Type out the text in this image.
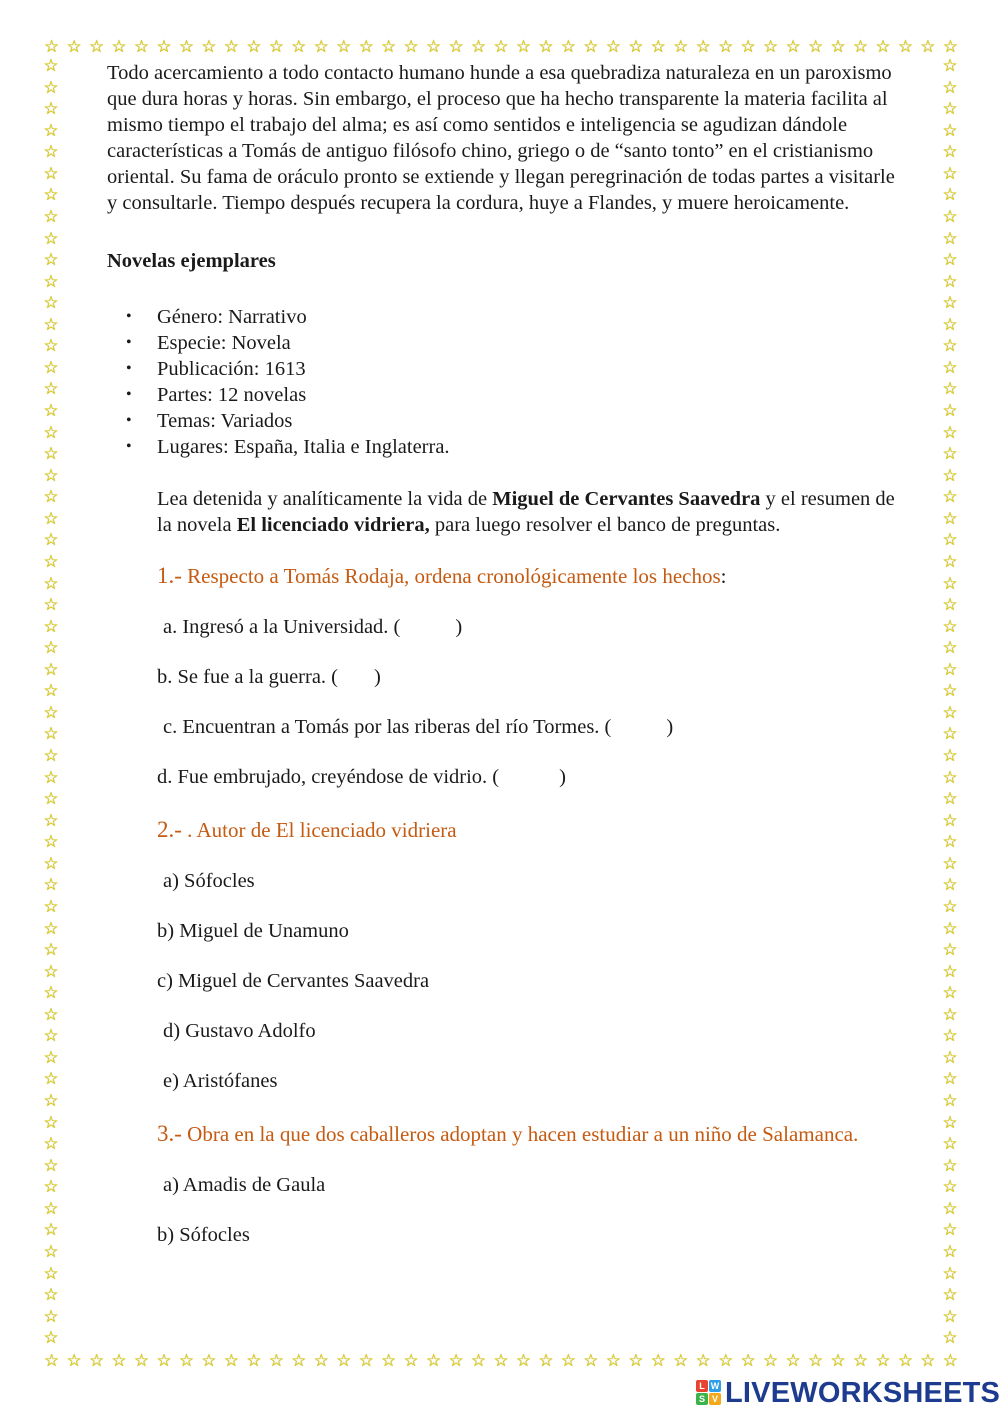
☆ ☆ ☆ ☆ ☆ ☆ ☆ ☆ ☆ ☆ ☆ ☆ ☆ ☆ ☆ ☆ ☆ ☆ ☆ ☆ ☆ ☆ ☆ ☆ ☆ ☆ ☆ ☆ ☆ ☆ ☆ ☆ ☆ ☆ ☆ ☆ ☆ ☆ ☆ ☆ ☆
☆ ☆ ☆ ☆ ☆ ☆ ☆ ☆ ☆ ☆ ☆ ☆ ☆ ☆ ☆ ☆ ☆ ☆ ☆ ☆ ☆ ☆ ☆ ☆ ☆ ☆ ☆ ☆ ☆ ☆ ☆ ☆ ☆ ☆ ☆ ☆ ☆ ☆ ☆ ☆ ☆
☆
☆
☆
☆
☆
☆
☆
☆
☆
☆
☆
☆
☆
☆
☆
☆
☆
☆
☆
☆
☆
☆
☆
☆
☆
☆
☆
☆
☆
☆
☆
☆
☆
☆
☆
☆
☆
☆
☆
☆
☆
☆
☆
☆
☆
☆
☆
☆
☆
☆
☆
☆
☆
☆
☆
☆
☆
☆
☆
☆
☆
☆
☆
☆
☆
☆
☆
☆
☆
☆
☆
☆
☆
☆
☆
☆
☆
☆
☆
☆
☆
☆
☆
☆
☆
☆
☆
☆
☆
☆
☆
☆
☆
☆
☆
☆
☆
☆
☆
☆
☆
☆
☆
☆
☆
☆
☆
☆
☆
☆
☆
☆
☆
☆
☆
☆
☆
☆
☆
☆

Todo acercamiento a todo contacto humano hunde a esa quebradiza naturaleza en un paroxismo que dura horas y horas. Sin embargo, el proceso que ha hecho transparente la materia facilita al mismo tiempo el trabajo del alma; es así como sentidos e inteligencia se agudizan dándole características a Tomás de antiguo filósofo chino, griego o de “santo tonto” en el cristianismo oriental. Su fama de oráculo pronto se extiende y llegan peregrinación de todas partes a visitarle y consultarle. Tiempo después recupera la cordura, huye a Flandes, y muere heroicamente.

Novelas ejemplares

• Género: Narrativo
• Especie: Novela
• Publicación: 1613
• Partes: 12 novelas
• Temas: Variados
• Lugares: España, Italia e Inglaterra.

Lea detenida y analíticamente la vida de Miguel de Cervantes Saavedra y el resumen de la novela El licenciado vidriera, para luego resolver el banco de preguntas.

1.- Respecto a Tomás Rodaja, ordena cronológicamente los hechos:
a. Ingresó a la Universidad. (	)
b. Se fue a la guerra. ( )
c. Encuentran a Tomás por las riberas del río Tormes. (	)
d. Fue embrujado, creyéndose de vidrio. (	)
2.- . Autor de El licenciado vidriera
a) Sófocles
b) Miguel de Unamuno
c) Miguel de Cervantes Saavedra
d) Gustavo Adolfo
e) Aristófanes
3.- Obra en la que dos caballeros adoptan y hacen estudiar a un niño de Salamanca.
a) Amadis de Gaula
b) Sófocles
L W
S V LIVEWORKSHEETS
